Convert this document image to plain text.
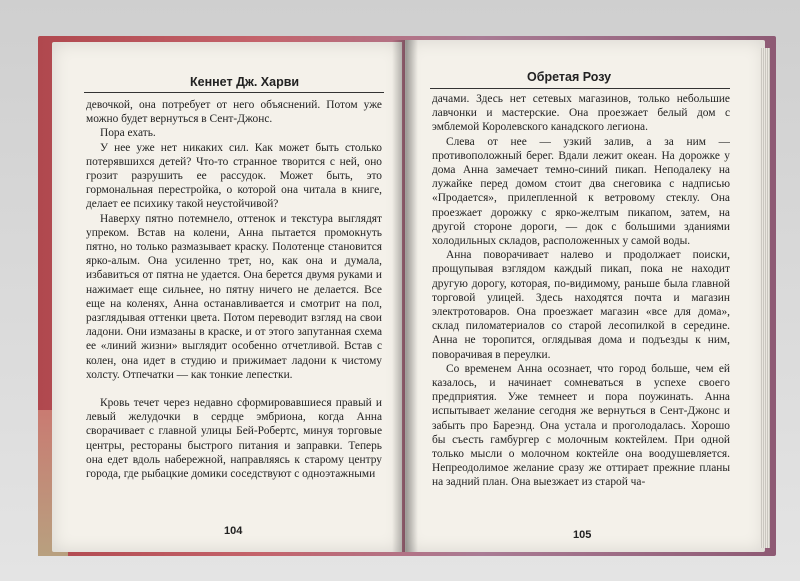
Кеннет Дж. Харви	Обретая Розу

девочкой, она потребует от него объяснений. Потом уже можно будет вернуться в Сент-Джонс.

Пора ехать.

У нее уже нет никаких сил. Как может быть столько потерявшихся детей? Что-то странное творится с ней, оно грозит разрушить ее рассудок. Может быть, это гормональная перестройка, о которой она читала в книге, делает ее психику такой неустойчивой?

Наверху пятно потемнело, оттенок и текстура выглядят упреком. Встав на колени, Анна пытается промокнуть пятно, но только размазывает краску. Полотенце становится ярко-алым. Она усиленно трет, но, как она и думала, избавиться от пятна не удается. Она берется двумя руками и нажимает еще сильнее, но пятну ничего не делается. Все еще на коленях, Анна останавливается и смотрит на пол, разглядывая оттенки цвета. Потом переводит взгляд на свои ладони. Они измазаны в краске, и от этого запутанная схема ее «линий жизни» выглядит особенно отчетливой. Встав с колен, она идет в студию и прижимает ладони к чистому холсту. Отпечатки — как тонкие лепестки.

Кровь течет через недавно сформировавшиеся правый и левый желудочки в сердце эмбриона, когда Анна сворачивает с главной улицы Бей-Робертс, минуя торговые центры, рестораны быстрого питания и заправки. Теперь она едет вдоль набережной, направляясь к старому центру города, где рыбацкие домики соседствуют с одноэтажными

дачами. Здесь нет сетевых магазинов, только небольшие лавчонки и мастерские. Она проезжает белый дом с эмблемой Королевского канадского легиона.

Слева от нее — узкий залив, а за ним — противоположный берег. Вдали лежит океан. На дорожке у дома Анна замечает темно-синий пикап. Неподалеку на лужайке перед домом стоит два снеговика с надписью «Продается», прилепленной к ветровому стеклу. Она проезжает дорожку с ярко-желтым пикапом, затем, на другой стороне дороги, — док с большими зданиями холодильных складов, расположенных у самой воды.

Анна поворачивает налево и продолжает поиски, прощупывая взглядом каждый пикап, пока не находит другую дорогу, которая, по-видимому, раньше была главной торговой улицей. Здесь находятся почта и магазин электротоваров. Она проезжает магазин «все для дома», склад пиломатериалов со старой лесопилкой в середине. Анна не торопится, оглядывая дома и подъезды к ним, поворачивая в переулки.

Со временем Анна осознает, что город больше, чем ей казалось, и начинает сомневаться в успехе своего предприятия. Уже темнеет и пора поужинать. Анна испытывает желание сегодня же вернуться в Сент-Джонс и забыть про Бареэнд. Она устала и проголодалась. Хорошо бы съесть гамбургер с молочным коктейлем. При одной только мысли о молочном коктейле она воодушевляется. Непреодолимое желание сразу же оттирает прежние планы на задний план. Она выезжает из старой ча-

104	105
